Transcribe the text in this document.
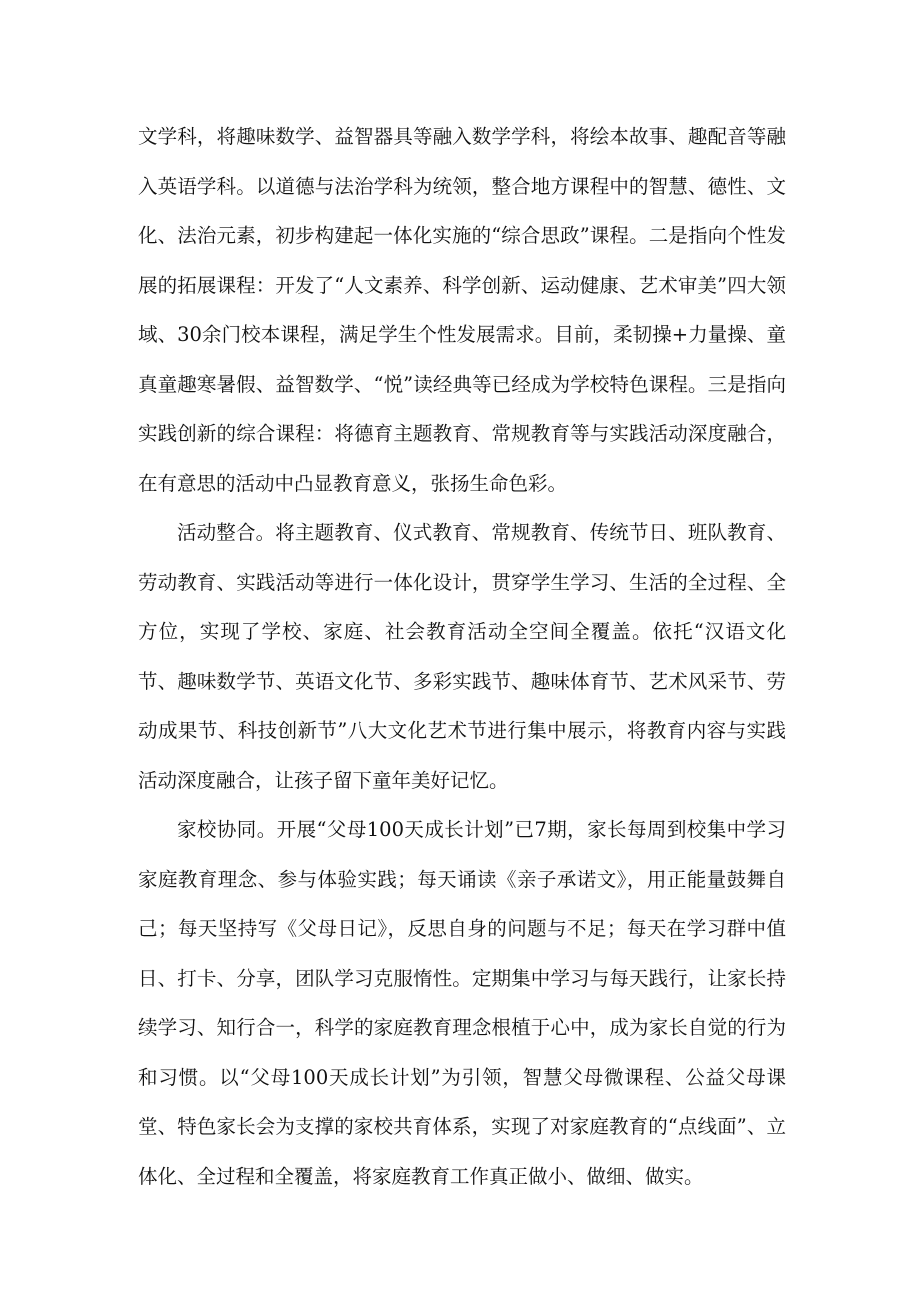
文学科，将趣味数学、益智器具等融入数学学科，将绘本故事、趣配音等融入英语学科。以道德与法治学科为统领，整合地方课程中的智慧、德性、文化、法治元素，初步构建起一体化实施的“综合思政”课程。二是指向个性发展的拓展课程：开发了“人文素养、科学创新、运动健康、艺术审美”四大领域、30余门校本课程，满足学生个性发展需求。目前，柔韧操+力量操、童真童趣寒暑假、益智数学、“悦”读经典等已经成为学校特色课程。三是指向实践创新的综合课程：将德育主题教育、常规教育等与实践活动深度融合，在有意思的活动中凸显教育意义，张扬生命色彩。

活动整合。将主题教育、仪式教育、常规教育、传统节日、班队教育、劳动教育、实践活动等进行一体化设计，贯穿学生学习、生活的全过程、全方位，实现了学校、家庭、社会教育活动全空间全覆盖。依托“汉语文化节、趣味数学节、英语文化节、多彩实践节、趣味体育节、艺术风采节、劳动成果节、科技创新节”八大文化艺术节进行集中展示，将教育内容与实践活动深度融合，让孩子留下童年美好记忆。

家校协同。开展“父母100天成长计划”已7期，家长每周到校集中学习家庭教育理念、参与体验实践；每天诵读《亲子承诺文》，用正能量鼓舞自己；每天坚持写《父母日记》，反思自身的问题与不足；每天在学习群中值日、打卡、分享，团队学习克服惰性。定期集中学习与每天践行，让家长持续学习、知行合一，科学的家庭教育理念根植于心中，成为家长自觉的行为和习惯。以“父母100天成长计划”为引领，智慧父母微课程、公益父母课堂、特色家长会为支撑的家校共育体系，实现了对家庭教育的“点线面”、立体化、全过程和全覆盖，将家庭教育工作真正做小、做细、做实。
